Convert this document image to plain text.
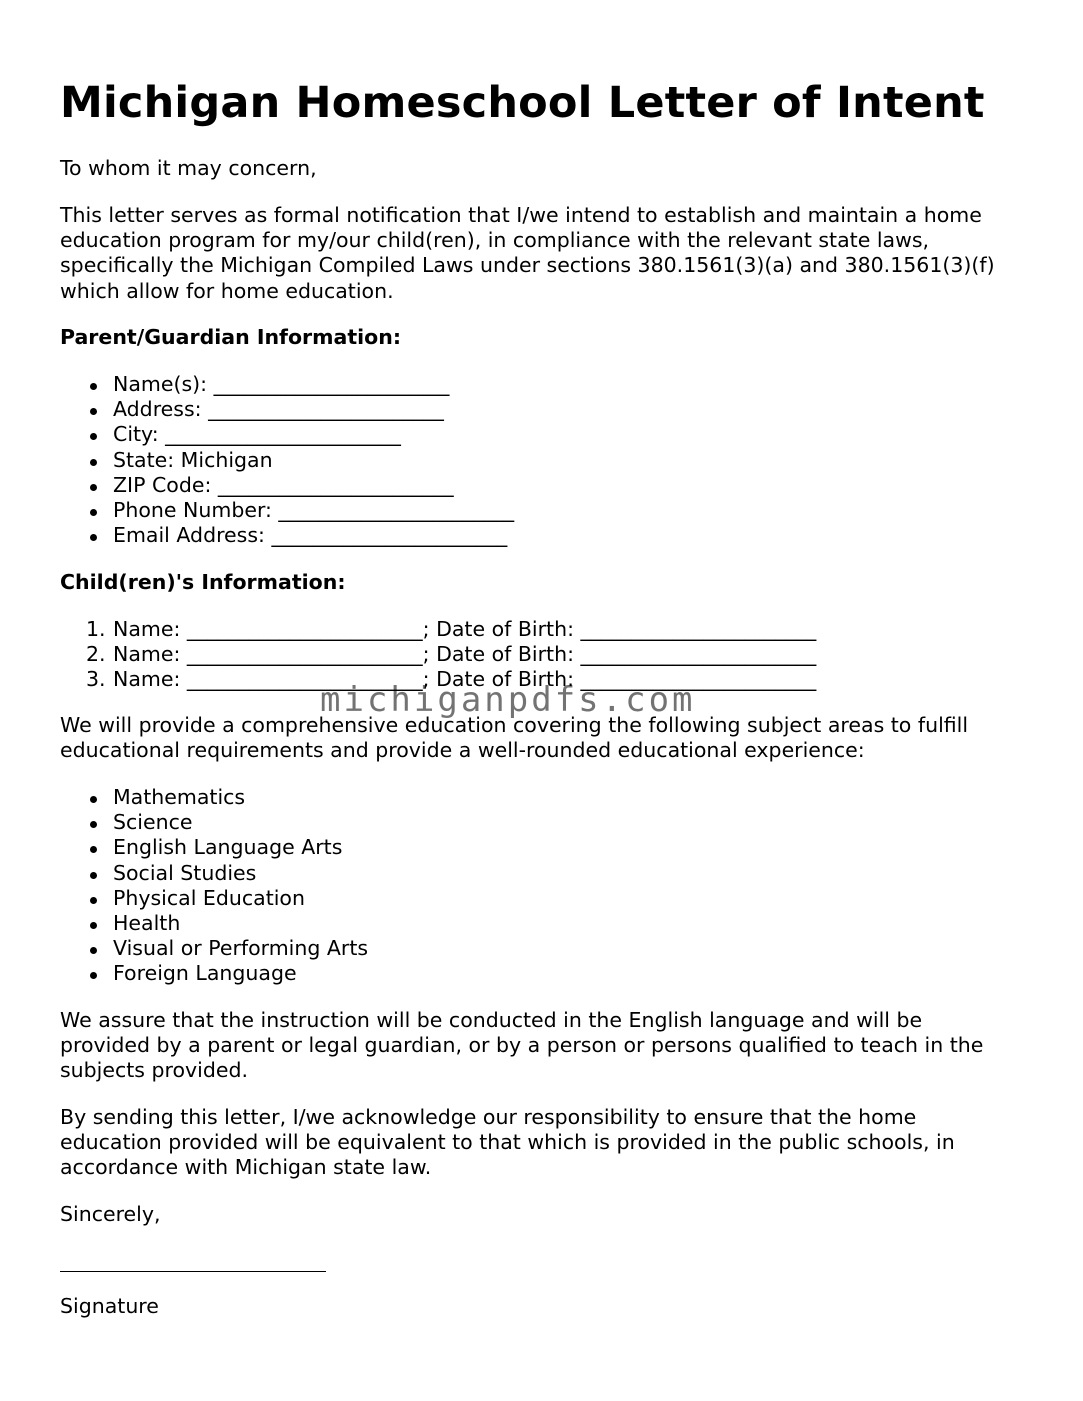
Michigan Homeschool Letter of Intent

To whom it may concern,

This letter serves as formal notification that I/we intend to establish and maintain a home
education program for my/our child(ren), in compliance with the relevant state laws,
specifically the Michigan Compiled Laws under sections 380.1561(3)(a) and 380.1561(3)(f)
which allow for home education.

Parent/Guardian Information:

Name(s): _______________________
Address: _______________________
City: _______________________
State: Michigan
ZIP Code: _______________________
Phone Number: _______________________
Email Address: _______________________

Child(ren)'s Information:

1. Name: _______________________; Date of Birth: _______________________
2. Name: _______________________; Date of Birth: _______________________
3. Name: _______________________; Date of Birth: _______________________
We will provide a comprehensive education covering the following subject areas to fulfill
educational requirements and provide a well-rounded educational experience:
Mathematics
Science
English Language Arts
Social Studies
Physical Education
Health
Visual or Performing Arts
Foreign Language
We assure that the instruction will be conducted in the English language and will be
provided by a parent or legal guardian, or by a person or persons qualified to teach in the
subjects provided.
By sending this letter, I/we acknowledge our responsibility to ensure that the home
education provided will be equivalent to that which is provided in the public schools, in
accordance with Michigan state law.

Sincerely,

Signature

michiganpdfs.com
